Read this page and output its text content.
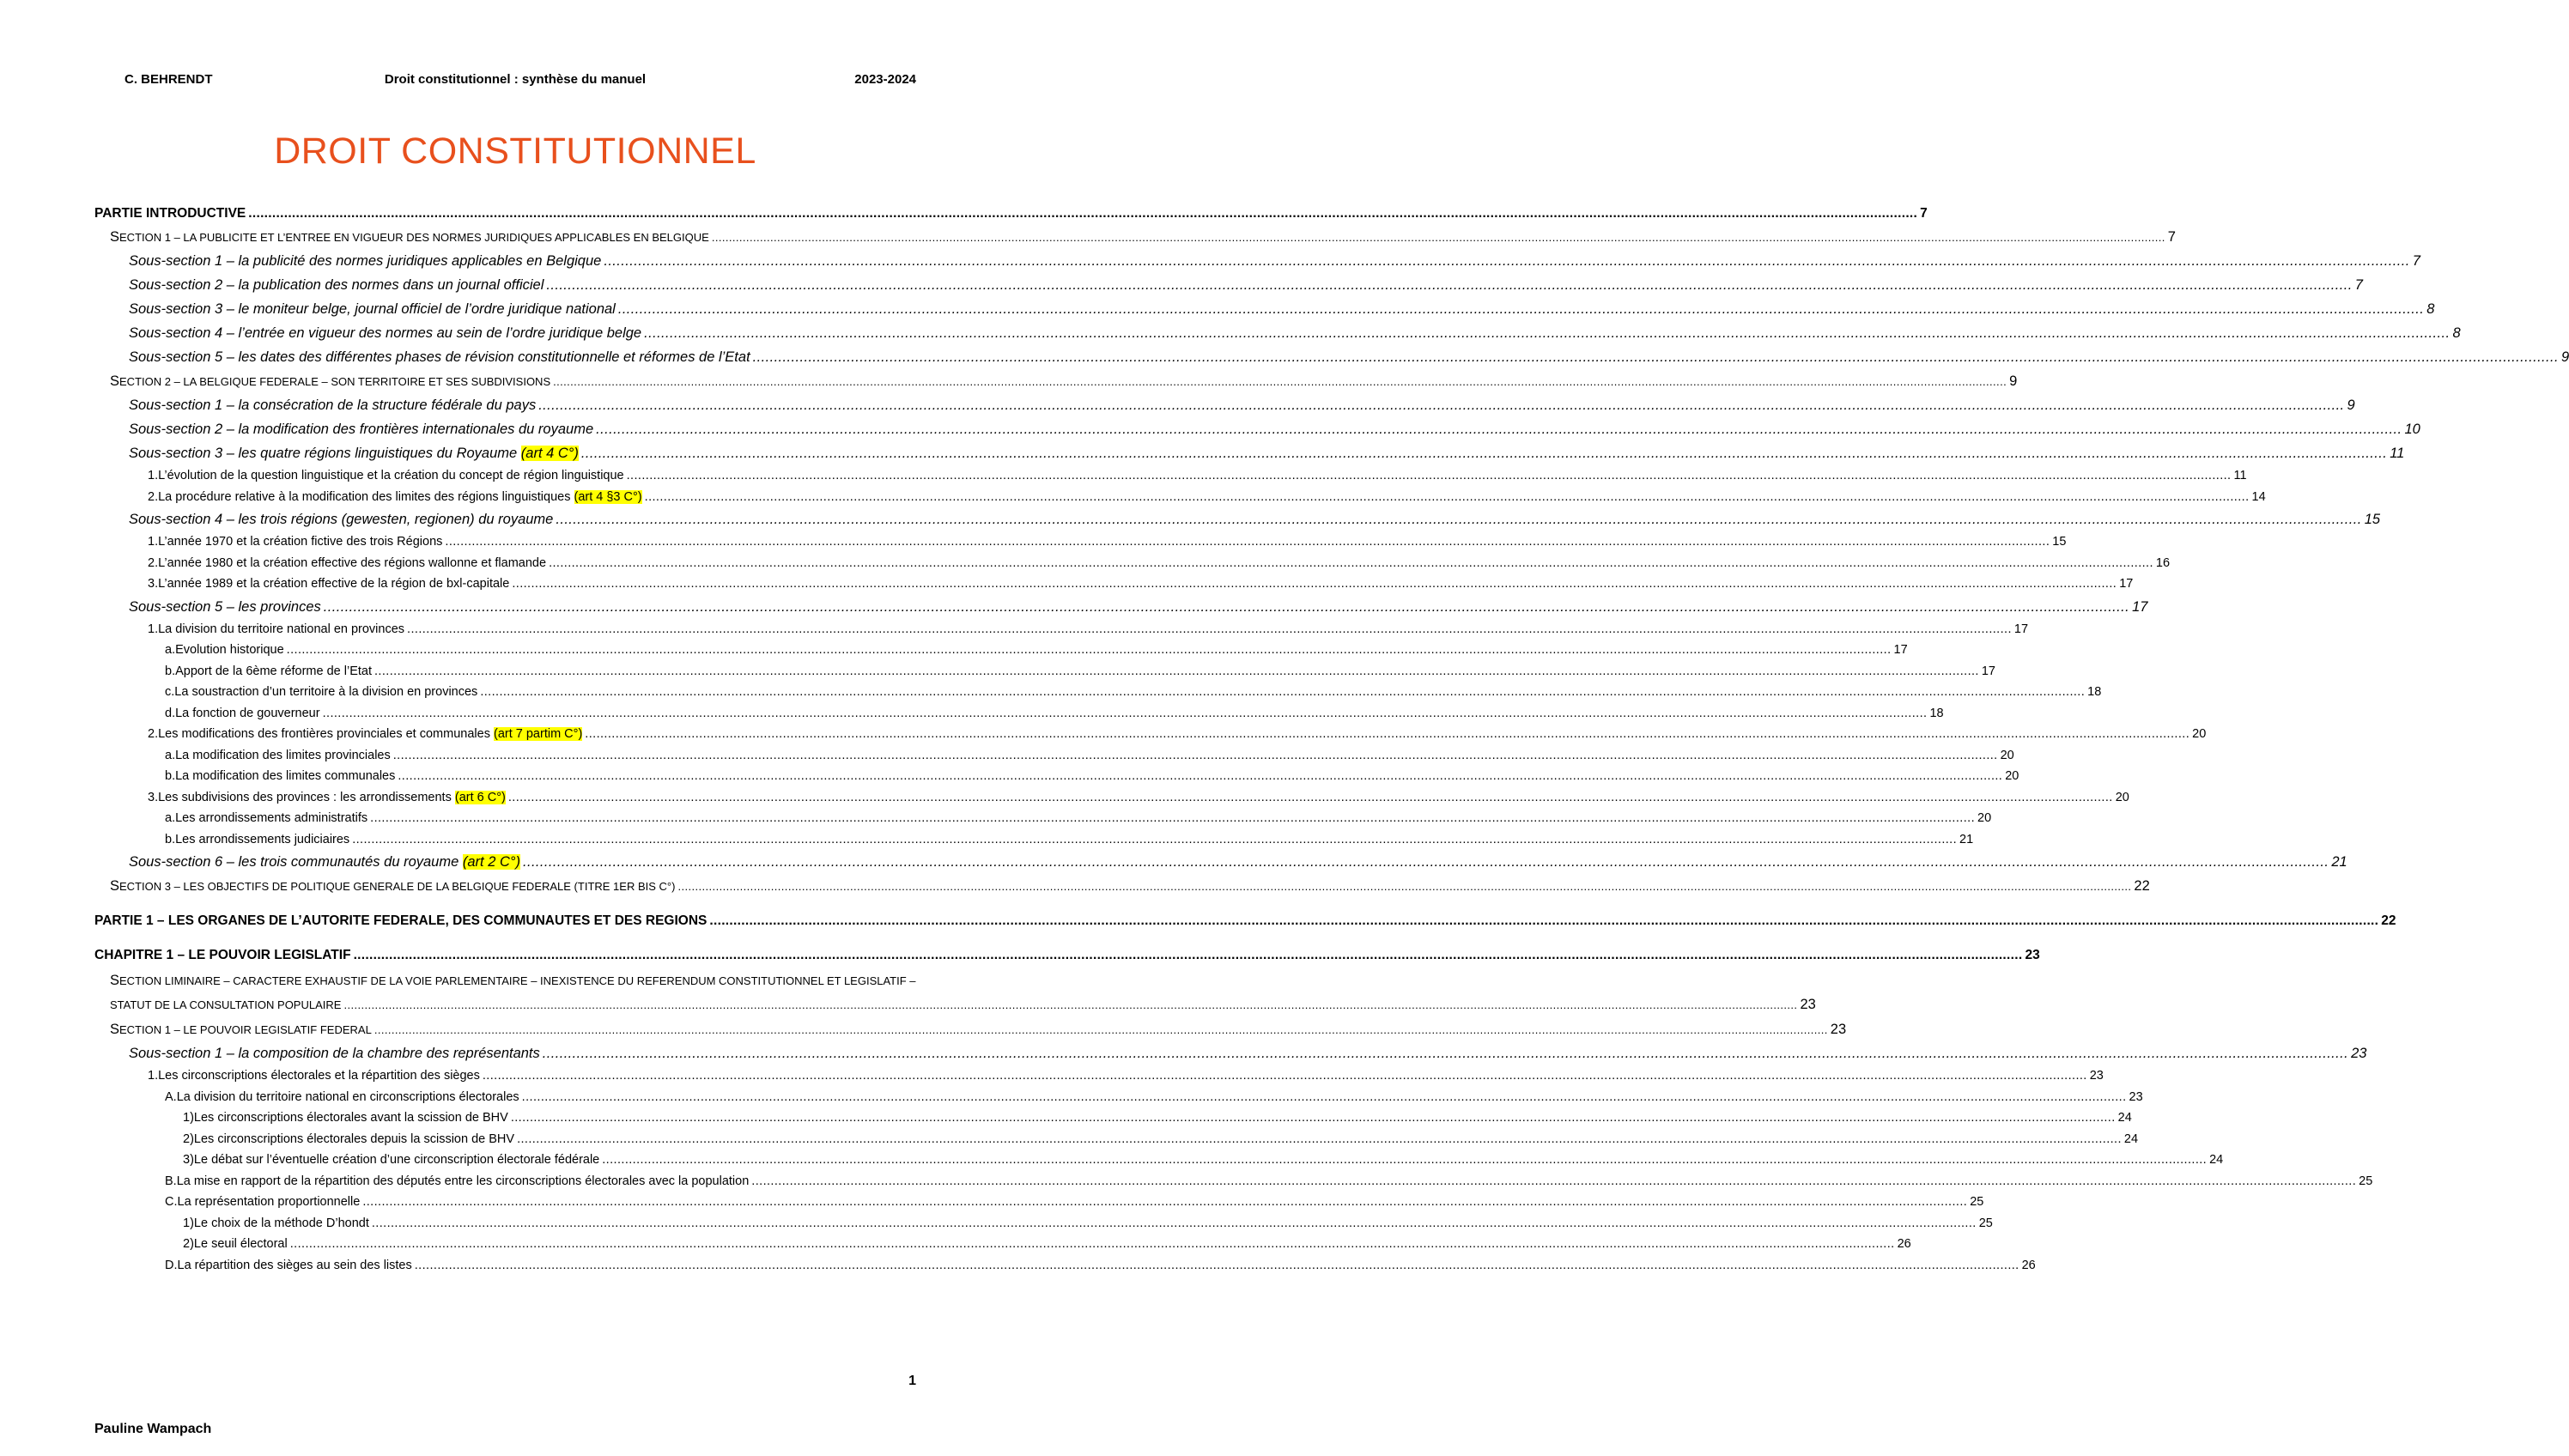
C. BEHRENDT	Droit constitutionnel : synthèse du manuel	2023-2024
DROIT CONSTITUTIONNEL
PARTIE INTRODUCTIVE .....	7
SECTION 1 – LA PUBLICITE ET L’ENTREE EN VIGUEUR DES NORMES JURIDIQUES APPLICABLES EN BELGIQUE .....	7
Sous-section 1 – la publicité des normes juridiques applicables en Belgique .....	7
Sous-section 2 – la publication des normes dans un journal officiel .....	7
Sous-section 3 – le moniteur belge, journal officiel de l’ordre juridique national .....	8
Sous-section 4 – l’entrée en vigueur des normes au sein de l’ordre juridique belge .....	8
Sous-section 5 – les dates des différentes phases de révision constitutionnelle et réformes de l’Etat .....	9
SECTION 2 – LA BELGIQUE FEDERALE – SON TERRITOIRE ET SES SUBDIVISIONS .....	9
Sous-section 1 – la consécration de la structure fédérale du pays .....	9
Sous-section 2 – la modification des frontières internationales du royaume .....	10
Sous-section 3 – les quatre régions linguistiques du Royaume (art 4 C°) .....	11
1. L’évolution de la question linguistique et la création du concept de région linguistique .....	11
2. La procédure relative à la modification des limites des régions linguistiques (art 4 §3 C°) .....	14
Sous-section 4 – les trois régions (gewesten, regionen) du royaume .....	15
1. L’année 1970 et la création fictive des trois Régions .....	15
2. L’année 1980 et la création effective des régions wallonne et flamande .....	16
3. L’année 1989 et la création effective de la région de bxl-capitale .....	17
Sous-section 5 – les provinces .....	17
1. La division du territoire national en provinces .....	17
a. Evolution historique .....	17
b. Apport de la 6ème réforme de l’Etat .....	17
c. La soustraction d’un territoire à la division en provinces .....	18
d. La fonction de gouverneur .....	18
2. Les modifications des frontières provinciales et communales (art 7 partim C°) .....	20
a. La modification des limites provinciales .....	20
b. La modification des limites communales .....	20
3. Les subdivisions des provinces : les arrondissements (art 6 C°) .....	20
a. Les arrondissements administratifs .....	20
b. Les arrondissements judiciaires .....	21
Sous-section 6 – les trois communautés du royaume (art 2 C°) .....	21
SECTION 3 – LES OBJECTIFS DE POLITIQUE GENERALE DE LA BELGIQUE FEDERALE (TITRE 1ER BIS C°) .....	22
PARTIE 1 – LES ORGANES DE L’AUTORITE FEDERALE, DES COMMUNAUTES ET DES REGIONS .....	22
CHAPITRE 1 – LE POUVOIR LEGISLATIF .....	23
SECTION LIMINAIRE – CARACTERE EXHAUSTIF DE LA VOIE PARLEMENTAIRE – INEXISTENCE DU REFERENDUM CONSTITUTIONNEL ET LEGISLATIF –
STATUT DE LA CONSULTATION POPULAIRE .....	23
SECTION 1 – LE POUVOIR LEGISLATIF FEDERAL .....	23
Sous-section 1 – la composition de la chambre des représentants .....	23
1. Les circonscriptions électorales et la répartition des sièges .....	23
A. La division du territoire national en circonscriptions électorales .....	23
1) Les circonscriptions électorales avant la scission de BHV .....	24
2) Les circonscriptions électorales depuis la scission de BHV .....	24
3) Le débat sur l’éventuelle création d’une circonscription électorale fédérale .....	24
B. La mise en rapport de la répartition des députés entre les circonscriptions électorales avec la population .....	25
C. La représentation proportionnelle .....	25
1) Le choix de la méthode D’hondt .....	25
2) Le seuil électoral .....	26
D. La répartition des sièges au sein des listes .....	26
1
Pauline Wampach
